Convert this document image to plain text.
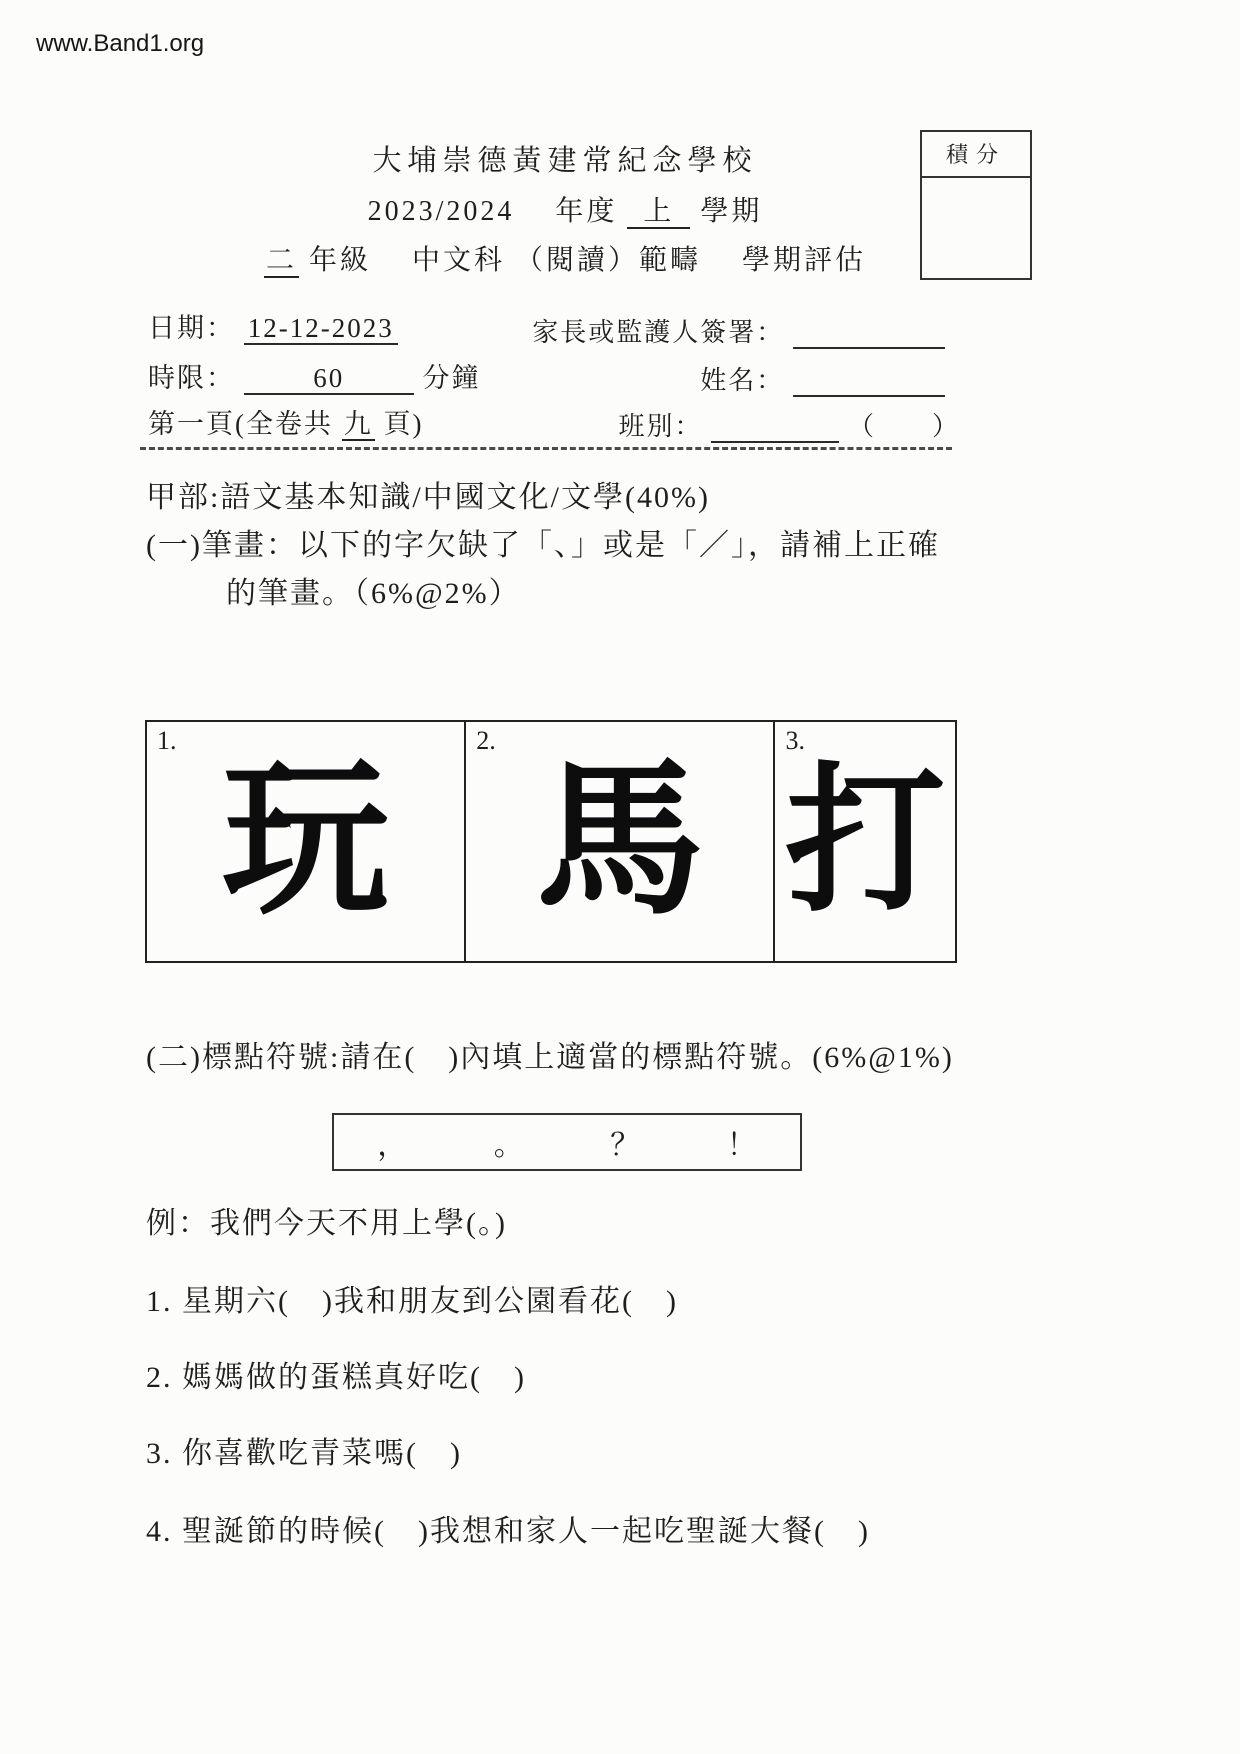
www.Band1.org
積分
大埔崇德黃建常紀念學校
2023/2024　 年度 上 學期
二 年級　 中文科 （閱讀）範疇　 學期評估
日期： 12-12-2023
時限：	60	分鐘
第一頁(全卷共 九 頁)
家長或監護人簽署：
姓名：
班別：	（　　）
甲部:語文基本知識/中國文化/文學(40%)
(一)筆畫：以下的字欠缺了「、」或是「／」，請補上正確
的筆畫。（6%@2%）
1.
玩
2.
馬
3.
打
(二)標點符號:請在(　)內填上適當的標點符號。(6%@1%)
，	。	？	！
例：我們今天不用上學(。)
1. 星期六(　)我和朋友到公園看花(　)
2. 媽媽做的蛋糕真好吃(　)
3. 你喜歡吃青菜嗎(　)
4. 聖誕節的時候(　)我想和家人一起吃聖誕大餐(　)
